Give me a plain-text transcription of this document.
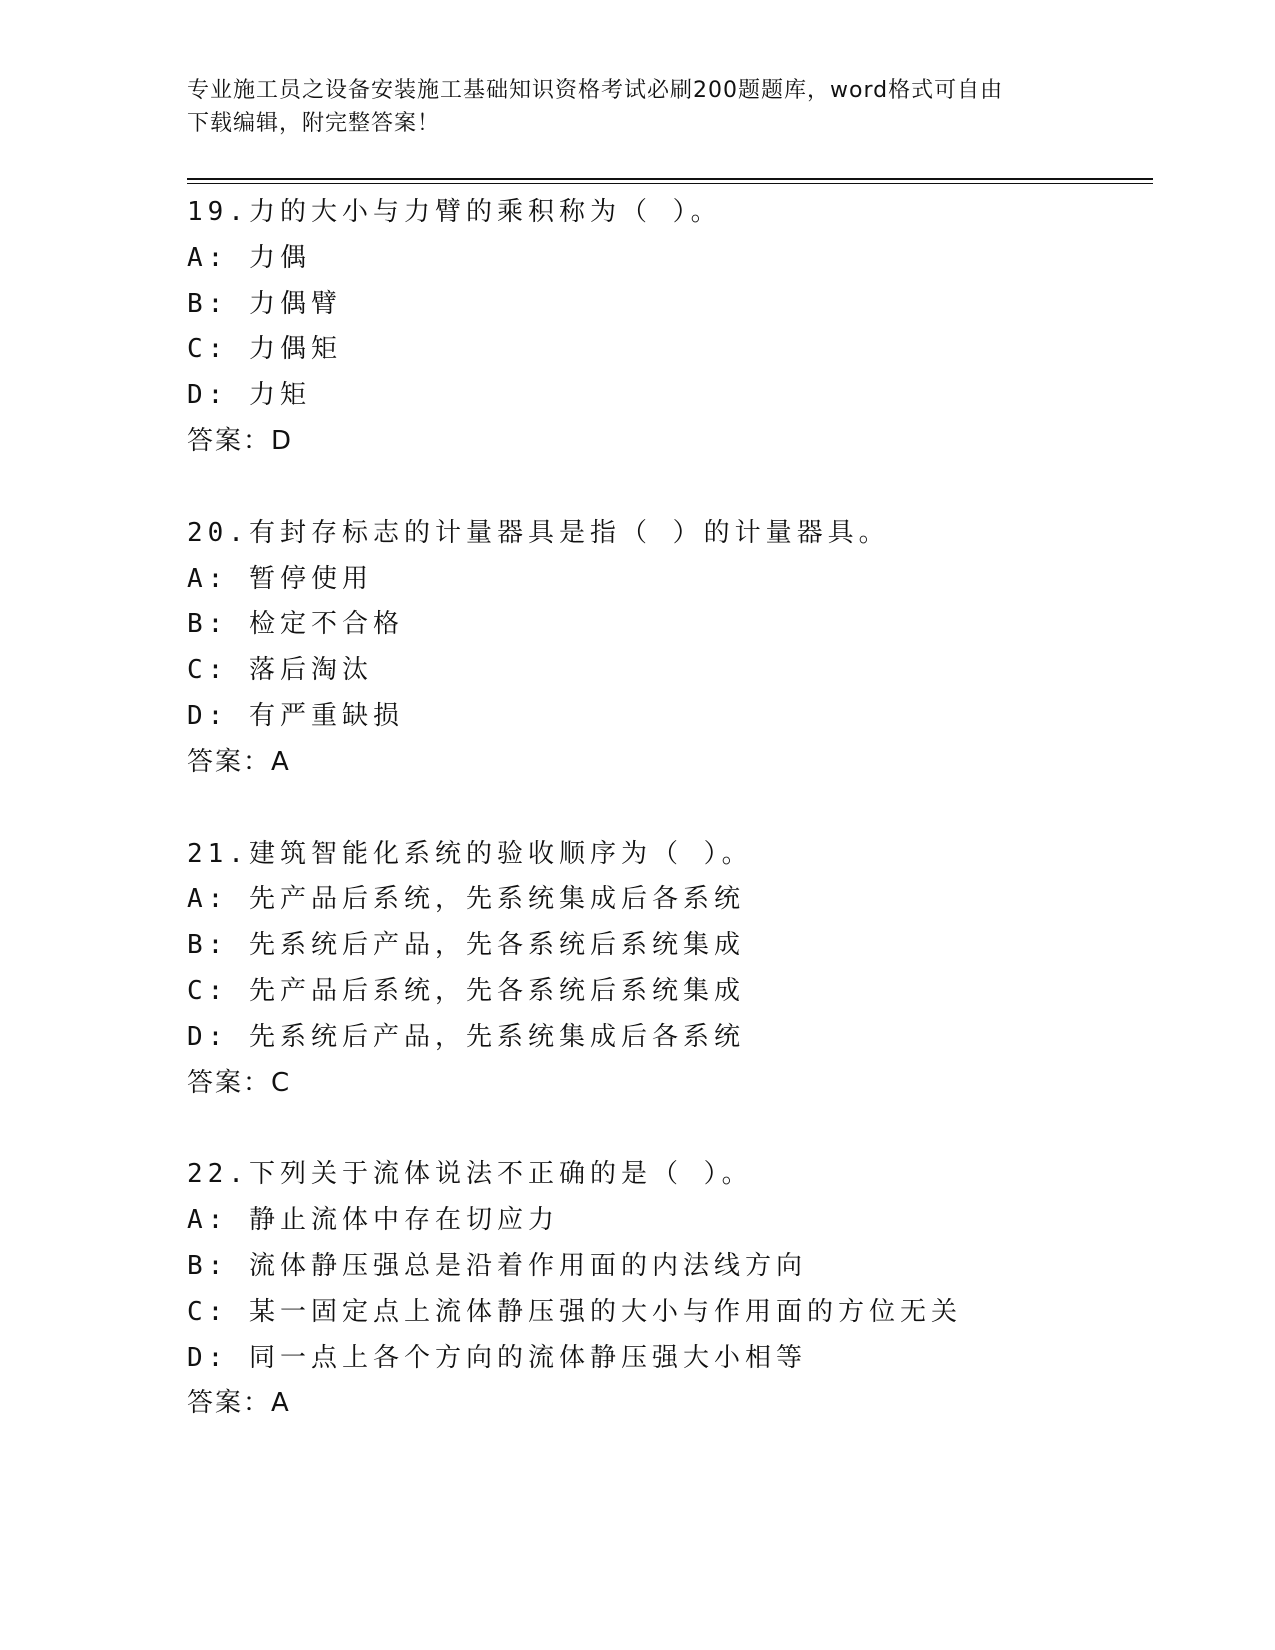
专业施工员之设备安装施工基础知识资格考试必刷200题题库，word格式可自由
下载编辑，附完整答案！
19.力的大小与力臂的乘积称为（ ）。
A: 力偶
B: 力偶臂
C: 力偶矩
D: 力矩
答案：D
20.有封存标志的计量器具是指（ ）的计量器具。
A: 暂停使用
B: 检定不合格
C: 落后淘汰
D: 有严重缺损
答案：A
21.建筑智能化系统的验收顺序为（ ）。
A: 先产品后系统，先系统集成后各系统
B: 先系统后产品，先各系统后系统集成
C: 先产品后系统，先各系统后系统集成
D: 先系统后产品，先系统集成后各系统
答案：C
22.下列关于流体说法不正确的是（ ）。
A: 静止流体中存在切应力
B: 流体静压强总是沿着作用面的内法线方向
C: 某一固定点上流体静压强的大小与作用面的方位无关
D: 同一点上各个方向的流体静压强大小相等
答案：A
